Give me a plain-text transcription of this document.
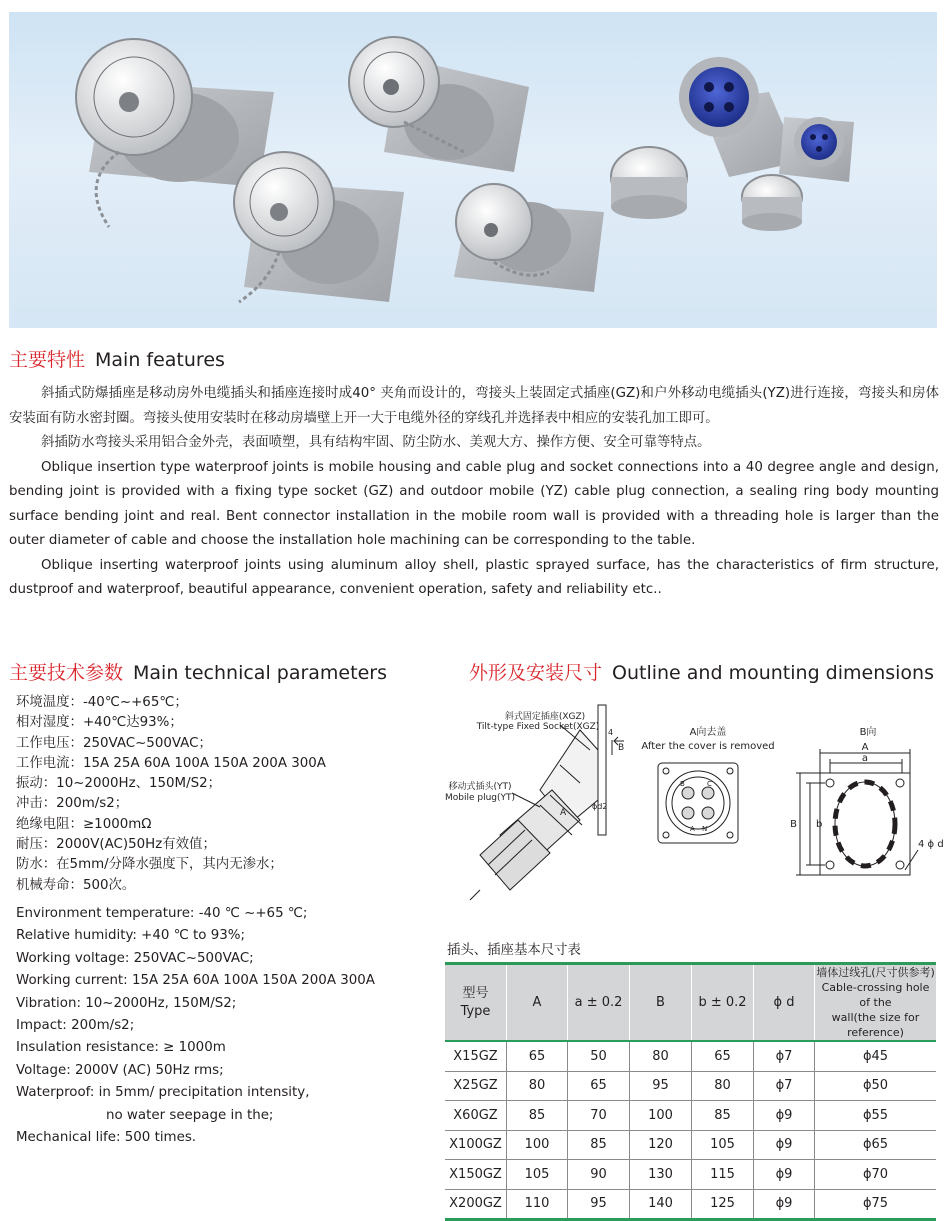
主要特性 Main features

斜插式防爆插座是移动房外电缆插头和插座连接时成40° 夹角而设计的，弯接头上装固定式插座(GZ)和户外移动电缆插头(YZ)进行连接，弯接头和房体安装面有防水密封圈。弯接头使用安装时在移动房墙壁上开一大于电缆外径的穿线孔并选择表中相应的安装孔加工即可。

斜插防水弯接头采用铝合金外壳，表面喷塑，具有结构牢固、防尘防水、美观大方、操作方便、安全可靠等特点。

Oblique insertion type waterproof joints is mobile housing and cable plug and socket connections into a 40 degree angle and design, bending joint is provided with a fixing type socket (GZ) and outdoor mobile (YZ) cable plug connection, a sealing ring body mounting surface bending joint and real. Bent connector installation in the mobile room wall is provided with a threading hole is larger than the outer diameter of cable and choose the installation hole machining can be corresponding to the table.

Oblique inserting waterproof joints using aluminum alloy shell, plastic sprayed surface, has the characteristics of firm structure, dustproof and waterproof, beautiful appearance, convenient operation, safety and reliability etc..

主要技术参数 Main technical parameters
环境温度：-40℃~+65℃；
相对湿度：+40℃达93%；
工作电压：250VAC~500VAC；
工作电流：15A 25A 60A 100A 150A 200A 300A
振动：10~2000Hz、150M/S2；
冲击：200m/s2；
绝缘电阻：≥1000mΩ
耐压：2000V(AC)50Hz有效值；
防水：在5mm/分降水强度下，其内无渗水；
机械寿命：500次。
Environment temperature: -40 ℃ ~+65 ℃;
Relative humidity: +40 ℃ to 93%;
Working voltage: 250VAC~500VAC;
Working current: 15A 25A 60A 100A 150A 200A 300A
Vibration: 10~2000Hz, 150M/S2;
Impact: 200m/s2;
Insulation resistance: ≥ 1000m
Voltage: 2000V (AC) 50Hz rms;
Waterproof: in 5mm/ precipitation intensity,
no water seepage in the;
Mechanical life: 500 times.
外形及安装尺寸 Outline and mounting dimensions
斜式固定插座(XGZ)
Tilt-type Fixed Socket(XGZ)
移动式插头(YT)
Mobile plug(YT)
4
B
A
ϕd2
B	C
A N
A向去盖
After the cover is removed
B向
A
a
B b
4 ϕ d
插头、插座基本尺寸表
型号
Type	A	a ± 0.2	B	b ± 0.2	ϕ d	墙体过线孔(尺寸供参考)
Cable-crossing hole of the
wall(the size for reference)
X15GZ	65	50	80	65	ϕ7	ϕ45
X25GZ	80	65	95	80	ϕ7	ϕ50
X60GZ	85	70	100	85	ϕ9	ϕ55
X100GZ	100	85	120	105	ϕ9	ϕ65
X150GZ	105	90	130	115	ϕ9	ϕ70
X200GZ	110	95	140	125	ϕ9	ϕ75
